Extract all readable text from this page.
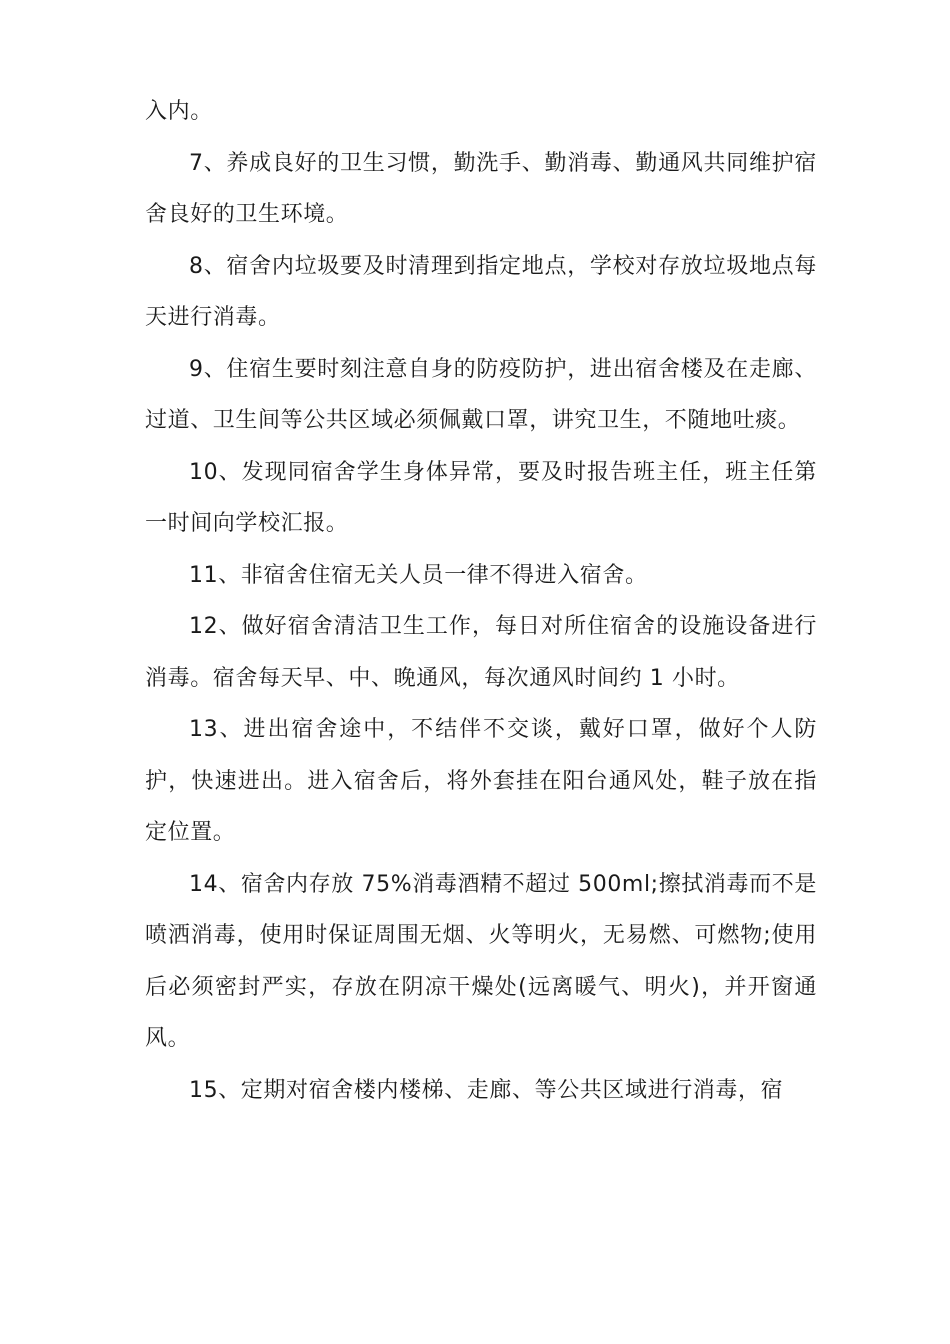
入内。

7、养成良好的卫生习惯，勤洗手、勤消毒、勤通风共同维护宿舍良好的卫生环境。

8、宿舍内垃圾要及时清理到指定地点，学校对存放垃圾地点每天进行消毒。

9、住宿生要时刻注意自身的防疫防护，进出宿舍楼及在走廊、过道、卫生间等公共区域必须佩戴口罩，讲究卫生，不随地吐痰。

10、发现同宿舍学生身体异常，要及时报告班主任，班主任第一时间向学校汇报。

11、非宿舍住宿无关人员一律不得进入宿舍。

12、做好宿舍清洁卫生工作，每日对所住宿舍的设施设备进行消毒。宿舍每天早、中、晚通风，每次通风时间约 1 小时。

13、进出宿舍途中，不结伴不交谈，戴好口罩，做好个人防护，快速进出。进入宿舍后，将外套挂在阳台通风处，鞋子放在指定位置。

14、宿舍内存放 75%消毒酒精不超过 500ml;擦拭消毒而不是喷洒消毒，使用时保证周围无烟、火等明火，无易燃、可燃物;使用后必须密封严实，存放在阴凉干燥处(远离暖气、明火)，并开窗通风。

15、定期对宿舍楼内楼梯、走廊、等公共区域进行消毒，宿
